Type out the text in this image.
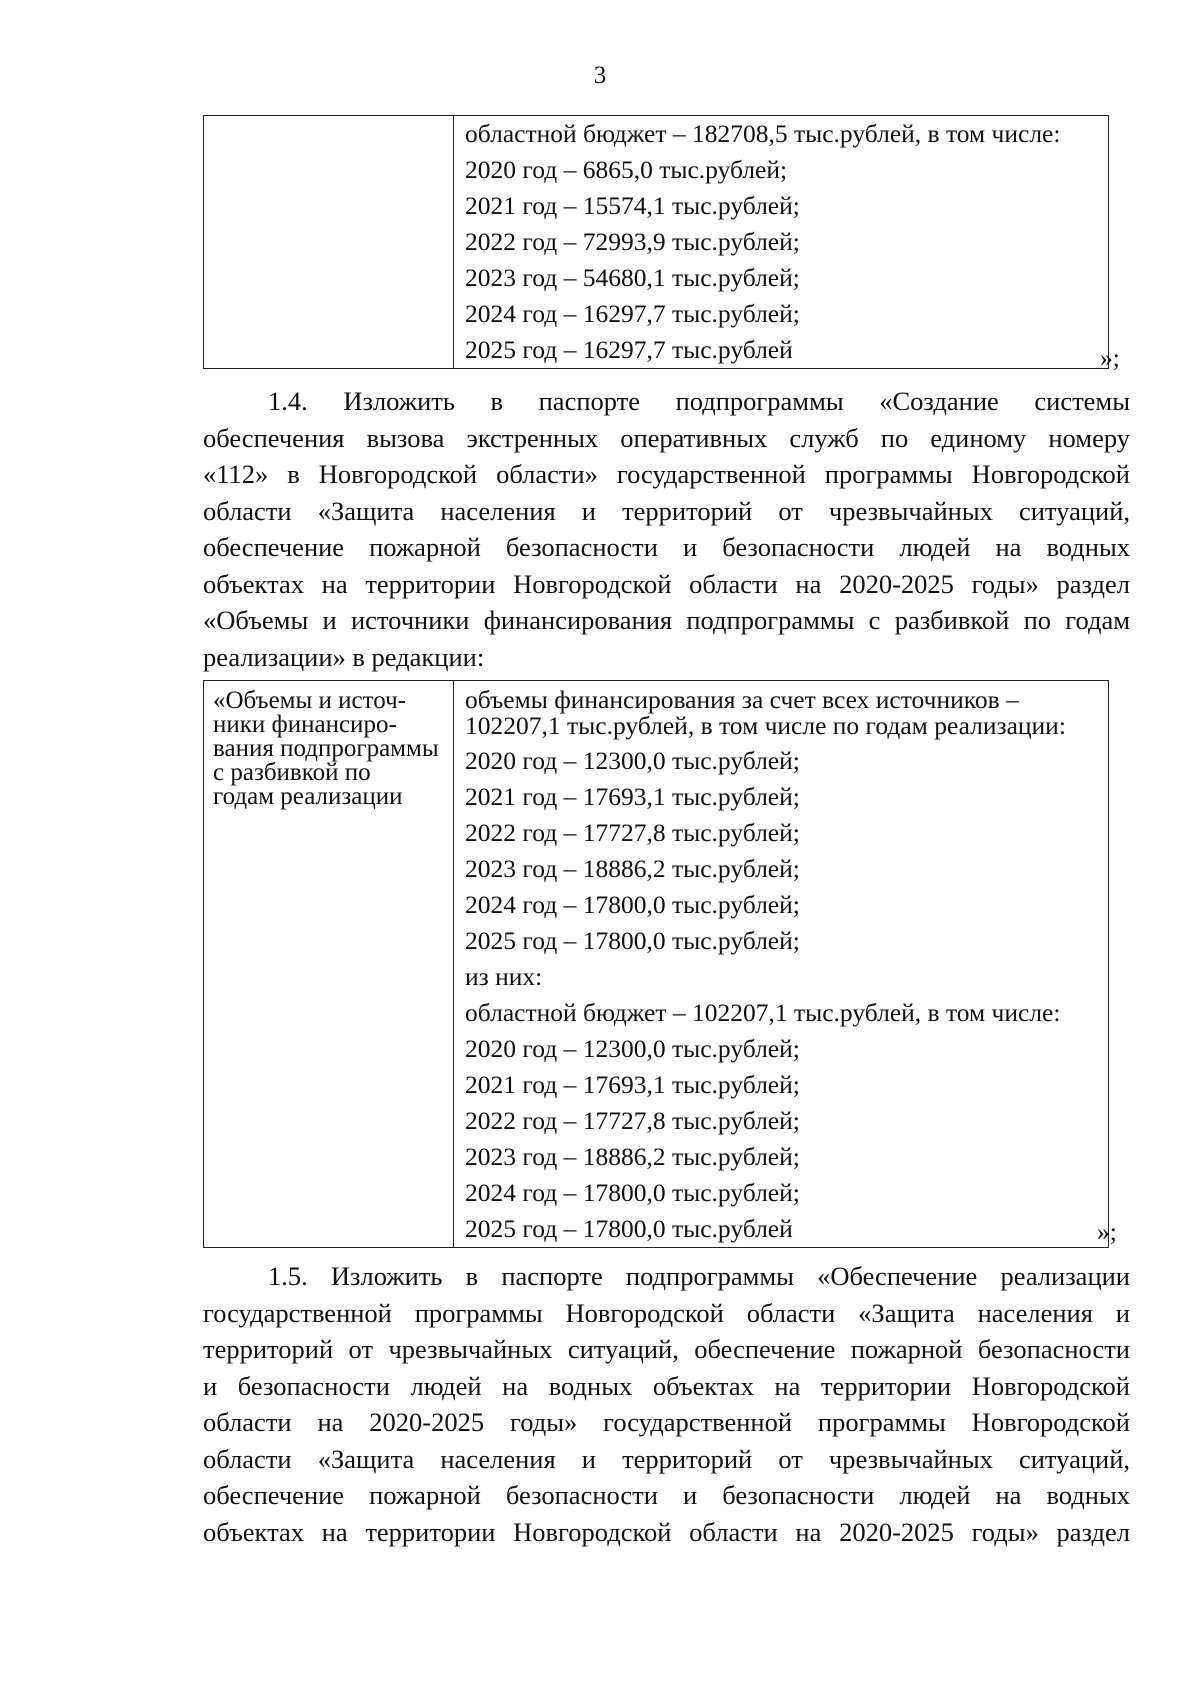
3

областной бюджет – 182708,5 тыс.рублей, в том числе:
2020 год – 6865,0 тыс.рублей;
2021 год – 15574,1 тыс.рублей;
2022 год – 72993,9 тыс.рублей;
2023 год – 54680,1 тыс.рублей;
2024 год – 16297,7 тыс.рублей;
2025 год – 16297,7 тыс.рублей	»;
1.4. Изложить в паспорте подпрограммы «Создание системы
обеспечения вызова экстренных оперативных служб по единому номеру
«112» в Новгородской области» государственной программы Новгородской
области «Защита населения и территорий от чрезвычайных ситуаций,
обеспечение пожарной безопасности и безопасности людей на водных
объектах на территории Новгородской области на 2020-2025 годы» раздел
«Объемы и источники финансирования подпрограммы с разбивкой по годам
реализации» в редакции:
«Объемы и источ-
ники финансиро-
вания подпрограммы
с разбивкой по
годам реализации

объемы финансирования за счет всех источников –
102207,1 тыс.рублей, в том числе по годам реализации:
2020 год – 12300,0 тыс.рублей;
2021 год – 17693,1 тыс.рублей;
2022 год – 17727,8 тыс.рублей;
2023 год – 18886,2 тыс.рублей;
2024 год – 17800,0 тыс.рублей;
2025 год – 17800,0 тыс.рублей;
из них:
областной бюджет – 102207,1 тыс.рублей, в том числе:
2020 год – 12300,0 тыс.рублей;
2021 год – 17693,1 тыс.рублей;
2022 год – 17727,8 тыс.рублей;
2023 год – 18886,2 тыс.рублей;
2024 год – 17800,0 тыс.рублей;
2025 год – 17800,0 тыс.рублей	»;
1.5. Изложить в паспорте подпрограммы «Обеспечение реализации
государственной программы Новгородской области «Защита населения и
территорий от чрезвычайных ситуаций, обеспечение пожарной безопасности
и безопасности людей на водных объектах на территории Новгородской
области на 2020-2025 годы» государственной программы Новгородской
области «Защита населения и территорий от чрезвычайных ситуаций,
обеспечение пожарной безопасности и безопасности людей на водных
объектах на территории Новгородской области на 2020-2025 годы» раздел
